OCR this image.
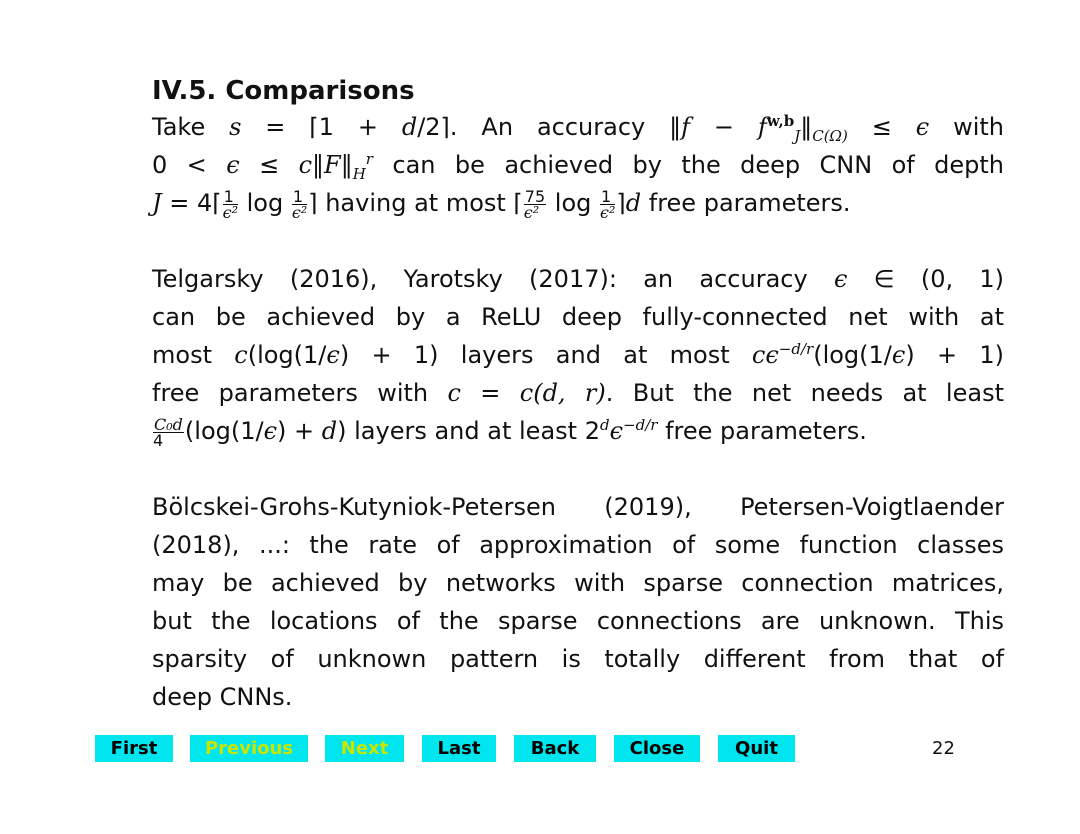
IV.5. Comparisons
Take s = ⌈1 + d/2⌉. An accuracy ‖f − $f^{w,b}_J‖_{C(\Omega)} \le \epsilon$ with
$0 < \epsilon \le c‖F‖_H^r$ can be achieved by the deep CNN of depth
J = 4⌈ $\frac{1}{\text{ϵ²}}$ $\log \frac{1}{\text{ϵ²}}$ ⌉ having at most ⌈ $\frac{75}{\text{ϵ²}}$ $\log \frac{1}{\text{ϵ²}}$ ⌉d free parameters.
Telgarsky (2016), Yarotsky (2017): an accuracy ϵ ∈ (0, 1)
can be achieved by a ReLU deep fully-connected net with at
most c(log(1/ϵ) + 1) layers and at most $c\epsilon^{-d/r}(\log(1/\epsilon) + 1)$
free parameters with c = c(d, r). But the net needs at least
$\frac{\text{C₀d}}{4} (\log(1/\epsilon) + d)$ layers and at least $2^d\epsilon^{-d/r}$ free parameters.
Bölcskei-Grohs-Kutyniok-Petersen (2019), Petersen-Voigtlaender
(2018), ...: the rate of approximation of some function classes
may be achieved by networks with sparse connection matrices,
but the locations of the sparse connections are unknown. This
sparsity of unknown pattern is totally different from that of
deep CNNs.
First	Previous	Next	Last	Back	Close	Quit	22
